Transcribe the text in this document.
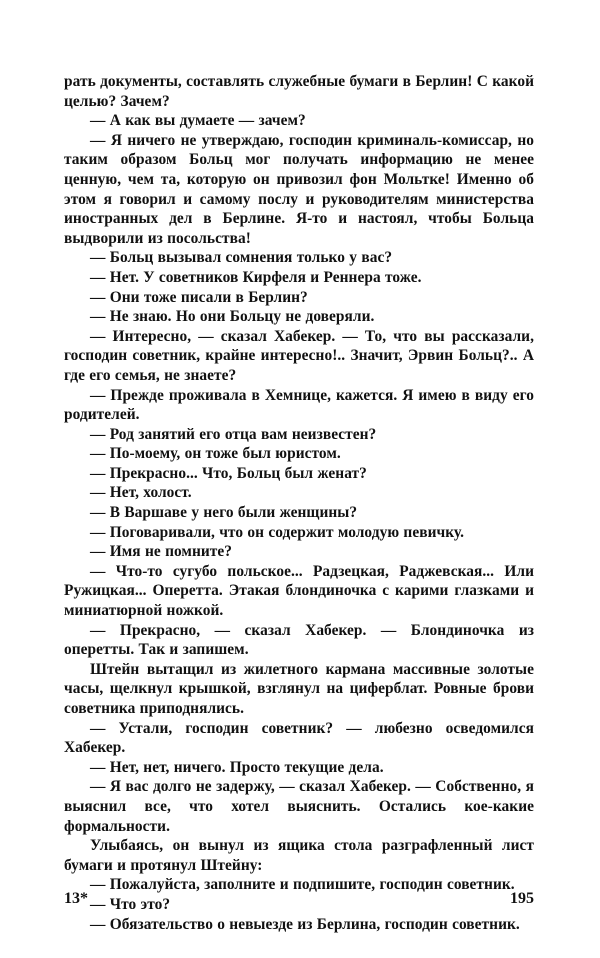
рать документы, составлять служебные бумаги в Берлин! С какой целью? Зачем?

— А как вы думаете — зачем?

— Я ничего не утверждаю, господин криминаль-комиссар, но таким образом Больц мог получать информацию не менее ценную, чем та, которую он привозил фон Мольтке! Именно об этом я говорил и самому послу и руководителям министерства иностранных дел в Берлине. Я-то и настоял, чтобы Больца выдворили из посольства!

— Больц вызывал сомнения только у вас?

— Нет. У советников Кирфеля и Реннера тоже.

— Они тоже писали в Берлин?

— Не знаю. Но они Больцу не доверяли.

— Интересно, — сказал Хабекер. — То, что вы рассказали, господин советник, крайне интересно!.. Значит, Эрвин Больц?.. А где его семья, не знаете?

— Прежде проживала в Хемнице, кажется. Я имею в виду его родителей.

— Род занятий его отца вам неизвестен?

— По-моему, он тоже был юристом.

— Прекрасно... Что, Больц был женат?

— Нет, холост.

— В Варшаве у него были женщины?

— Поговаривали, что он содержит молодую певичку.

— Имя не помните?

— Что-то сугубо польское... Радзецкая, Раджевская... Или Ружицкая... Оперетта. Этакая блондиночка с карими глазками и миниатюрной ножкой.

— Прекрасно, — сказал Хабекер. — Блондиночка из оперетты. Так и запишем.

Штейн вытащил из жилетного кармана массивные золотые часы, щелкнул крышкой, взглянул на циферблат. Ровные брови советника приподнялись.

— Устали, господин советник? — любезно осведомился Хабекер.

— Нет, нет, ничего. Просто текущие дела.

— Я вас долго не задержу, — сказал Хабекер. — Собственно, я выяснил все, что хотел выяснить. Остались кое-какие формальности.

Улыбаясь, он вынул из ящика стола разграфленный лист бумаги и протянул Штейну:

— Пожалуйста, заполните и подпишите, господин советник.

— Что это?

— Обязательство о невыезде из Берлина, господин советник.

13*	195
